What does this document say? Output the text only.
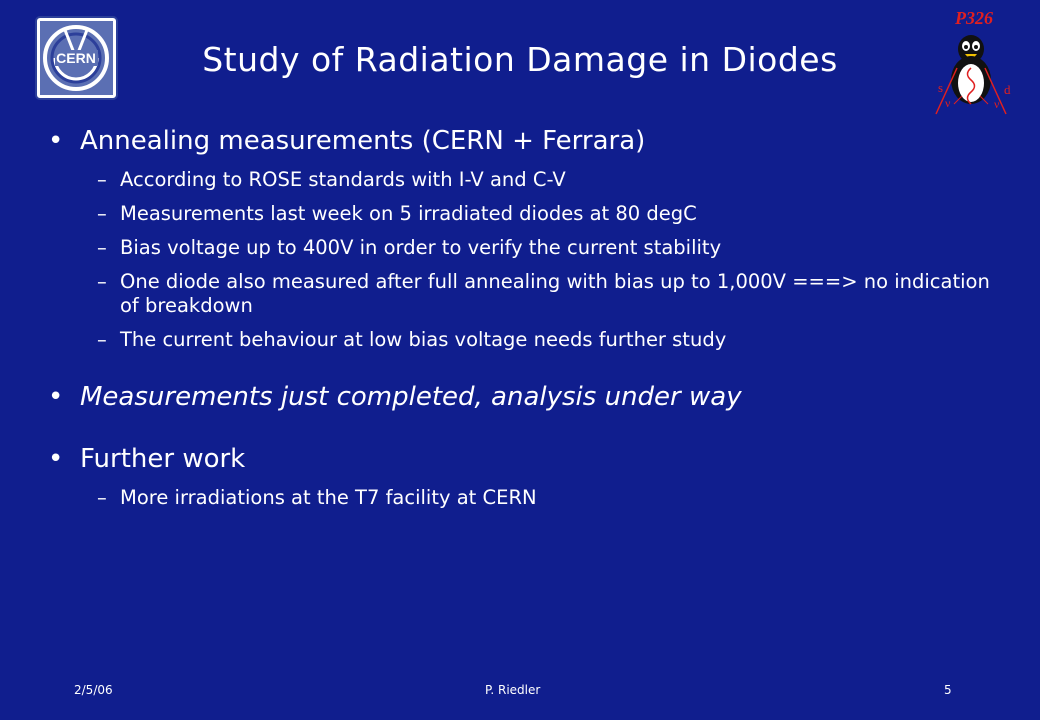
CERN	Study of Radiation Damage in Diodes
P326
s	d
ν	ν
• Annealing measurements (CERN + Ferrara)
– According to ROSE standards with I-V and C-V
– Measurements last week on 5 irradiated diodes at 80 degC
– Bias voltage up to 400V in order to verify the current stability
– One diode also measured after full annealing with bias up to 1,000V ===> no indication of breakdown
– The current behaviour at low bias voltage needs further study
• Measurements just completed, analysis under way
• Further work
– More irradiations at the T7 facility at CERN
2/5/06	P. Riedler	5
